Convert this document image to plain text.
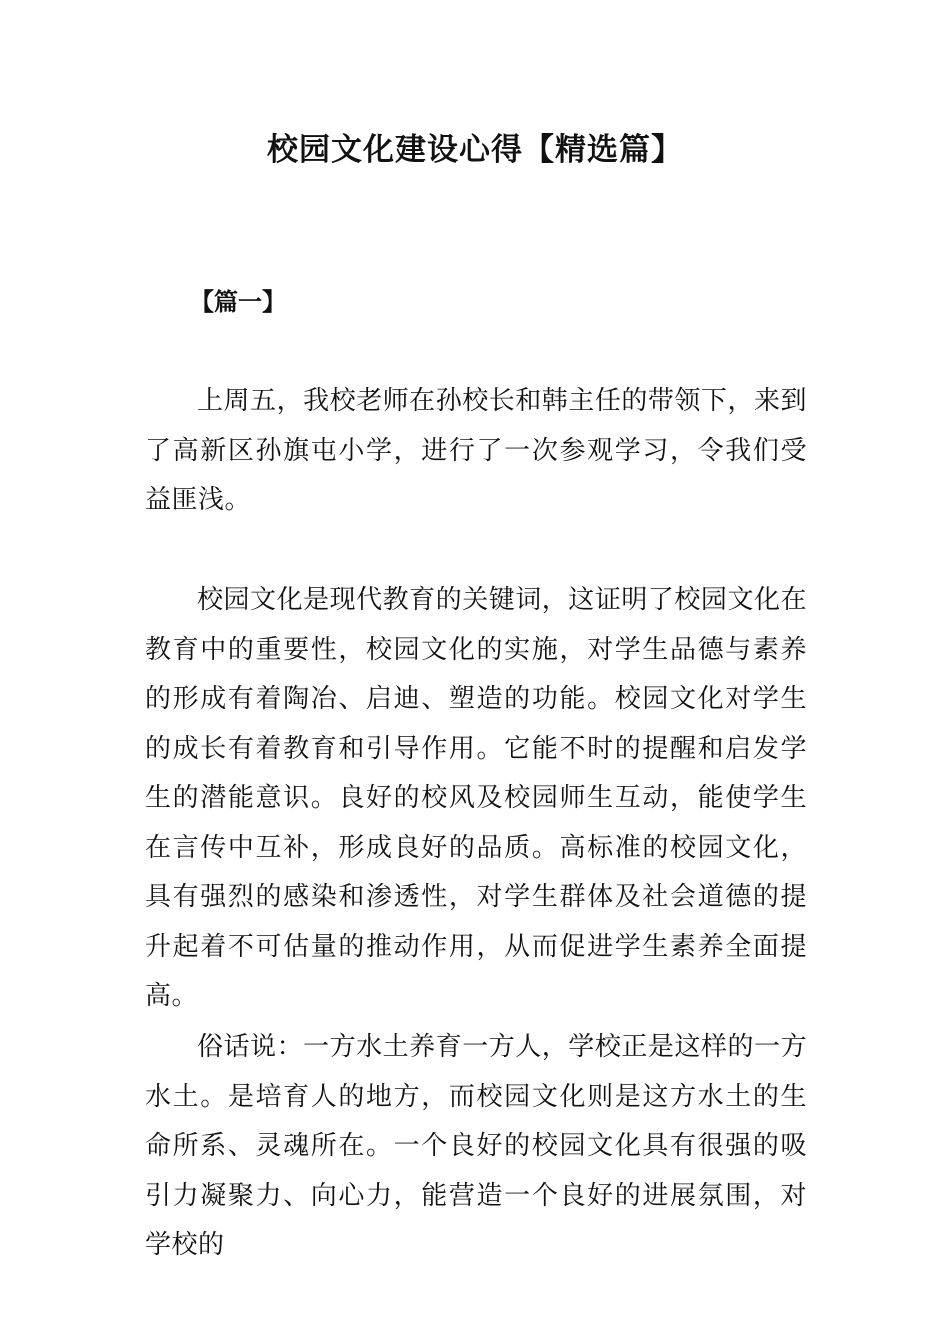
校园文化建设心得【精选篇】
【篇一】

上周五，我校老师在孙校长和韩主任的带领下，来到了高新区孙旗屯小学，进行了一次参观学习，令我们受益匪浅。

校园文化是现代教育的关键词，这证明了校园文化在教育中的重要性，校园文化的实施，对学生品德与素养的形成有着陶冶、启迪、塑造的功能。校园文化对学生的成长有着教育和引导作用。它能不时的提醒和启发学生的潜能意识。良好的校风及校园师生互动，能使学生在言传中互补，形成良好的品质。高标准的校园文化，具有强烈的感染和渗透性，对学生群体及社会道德的提升起着不可估量的推动作用，从而促进学生素养全面提高。

俗话说：一方水土养育一方人，学校正是这样的一方水土。是培育人的地方，而校园文化则是这方水土的生命所系、灵魂所在。一个良好的校园文化具有很强的吸引力凝聚力、向心力，能营造一个良好的进展氛围，对学校的
